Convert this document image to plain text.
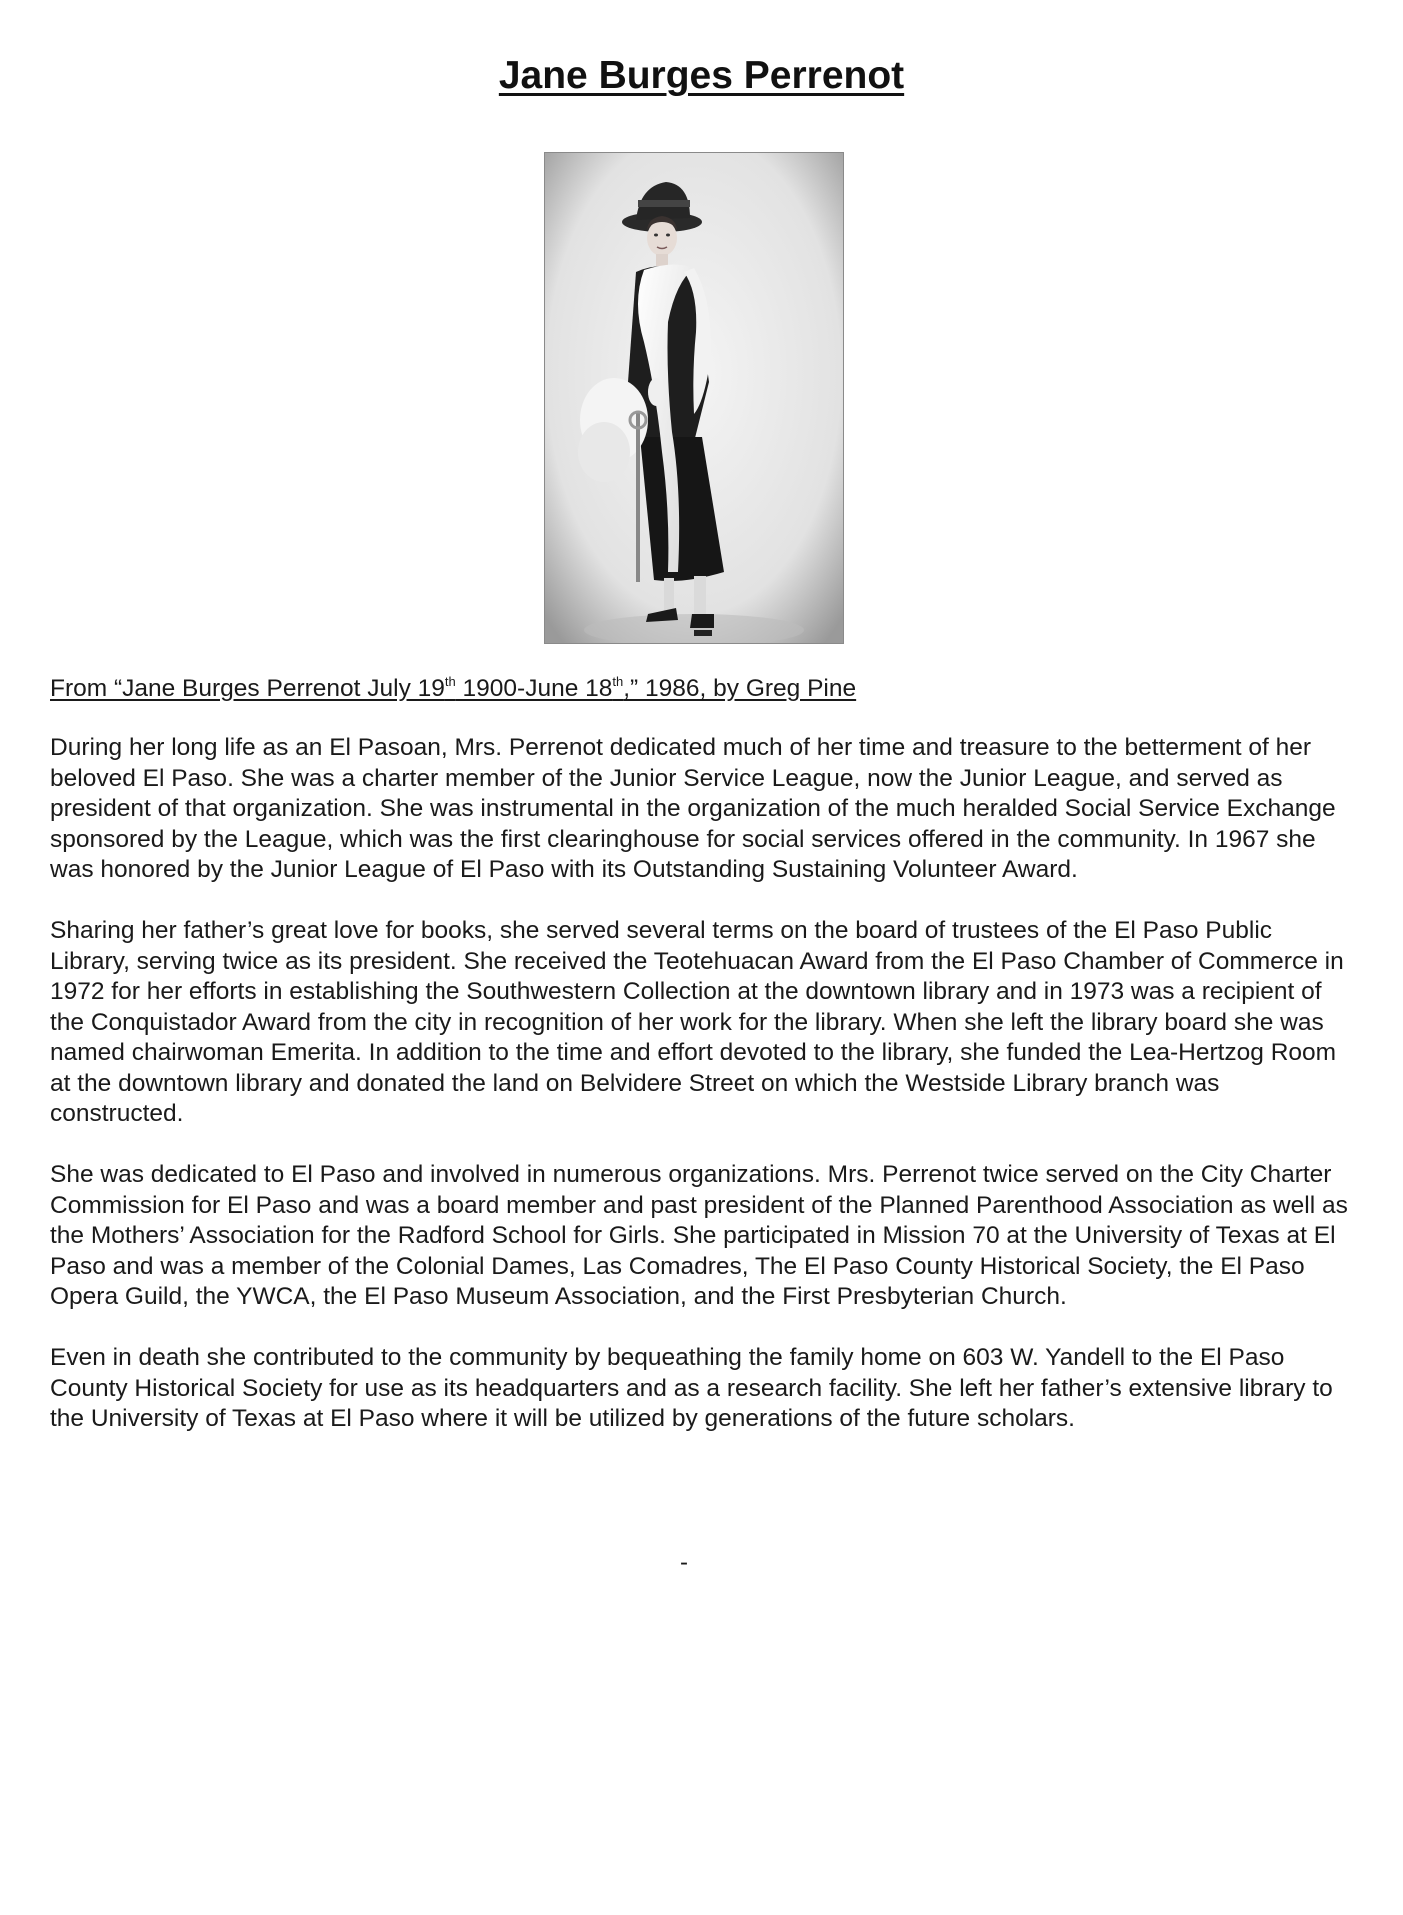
Jane Burges Perrenot
From “Jane Burges Perrenot July 19th 1900-June 18th,” 1986, by Greg Pine

During her long life as an El Pasoan, Mrs. Perrenot dedicated much of her time and treasure to the betterment of her beloved El Paso. She was a charter member of the Junior Service League, now the Junior League, and served as president of that organization. She was instrumental in the organization of the much heralded Social Service Exchange sponsored by the League, which was the first clearinghouse for social services offered in the community. In 1967 she was honored by the Junior League of El Paso with its Outstanding Sustaining Volunteer Award.

Sharing her father’s great love for books, she served several terms on the board of trustees of the El Paso Public Library, serving twice as its president. She received the Teotehuacan Award from the El Paso Chamber of Commerce in 1972 for her efforts in establishing the Southwestern Collection at the downtown library and in 1973 was a recipient of the Conquistador Award from the city in recognition of her work for the library. When she left the library board she was named chairwoman Emerita. In addition to the time and effort devoted to the library, she funded the Lea-Hertzog Room at the downtown library and donated the land on Belvidere Street on which the Westside Library branch was constructed.

She was dedicated to El Paso and involved in numerous organizations. Mrs. Perrenot twice served on the City Charter Commission for El Paso and was a board member and past president of the Planned Parenthood Association as well as the Mothers’ Association for the Radford School for Girls. She participated in Mission 70 at the University of Texas at El Paso and was a member of the Colonial Dames, Las Comadres, The El Paso County Historical Society, the El Paso Opera Guild, the YWCA, the El Paso Museum Association, and the First Presbyterian Church.

Even in death she contributed to the community by bequeathing the family home on 603 W. Yandell to the El Paso County Historical Society for use as its headquarters and as a research facility. She left her father’s extensive library to the University of Texas at El Paso where it will be utilized by generations of the future scholars.

-
